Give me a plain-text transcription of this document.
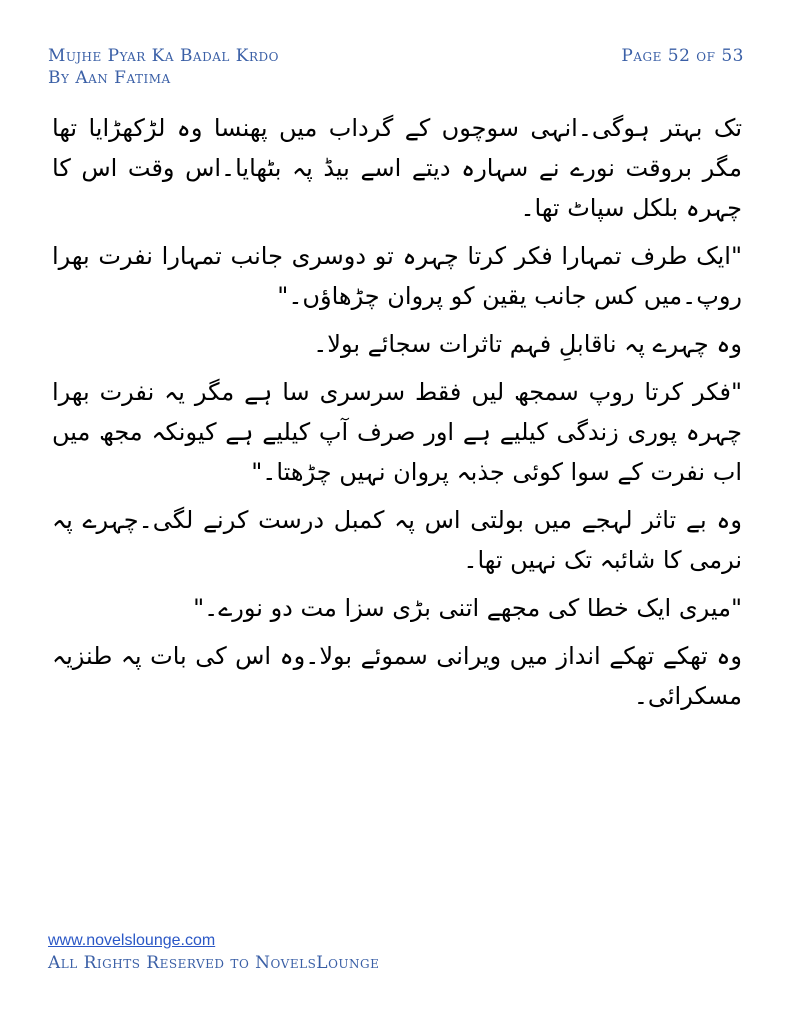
Mujhe Pyar Ka Badal Krdo
By Aan Fatima
Page 52 of 53

تک بہتر ہوگی۔انہی سوچوں کے گرداب میں پھنسا وہ لڑکھڑایا تھا مگر بروقت نورے نے سہارہ دیتے اسے بیڈ پہ بٹھایا۔اس وقت اس کا چہرہ بلکل سپاٹ تھا۔

"ایک طرف تمہارا فکر کرتا چہرہ تو دوسری جانب تمہارا نفرت بھرا روپ۔میں کس جانب یقین کو پروان چڑھاؤں۔"

وہ چہرے پہ ناقابلِ فہم تاثرات سجائے بولا۔

"فکر کرتا روپ سمجھ لیں فقط سرسری سا ہے مگر یہ نفرت بھرا چہرہ پوری زندگی کیلیے ہے اور صرف آپ کیلیے ہے کیونکہ مجھ میں اب نفرت کے سوا کوئی جذبہ پروان نہیں چڑھتا۔"

وہ بے تاثر لہجے میں بولتی اس پہ کمبل درست کرنے لگی۔چہرے پہ نرمی کا شائبہ تک نہیں تھا۔

"میری ایک خطا کی مجھے اتنی بڑی سزا مت دو نورے۔"

وہ تھکے تھکے انداز میں ویرانی سموئے بولا۔وہ اس کی بات پہ طنزیہ مسکرائی۔

www.novelslounge.com
All Rights Reserved to NovelsLounge
